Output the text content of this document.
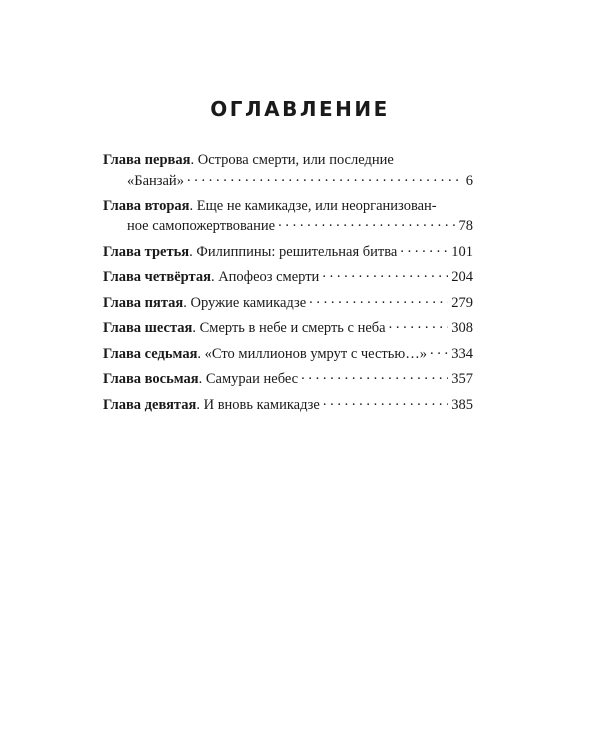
ОГЛАВЛЕНИЕ
Глава первая. Острова смерти, или последние
«Банзай» . . .	6
Глава вторая. Еще не камикадзе, или неорганизован-
ное самопожертвование . . .	78
Глава третья. Филиппины: решительная битва . . .	101
Глава четвёртая. Апофеоз смерти . . .	204
Глава пятая. Оружие камикадзе . . .	279
Глава шестая. Смерть в небе и смерть с неба . . .	308
Глава седьмая. «Сто миллионов умрут с честью…» . . . 334
Глава восьмая. Самураи небес . . .	357
Глава девятая. И вновь камикадзе . . .	385
